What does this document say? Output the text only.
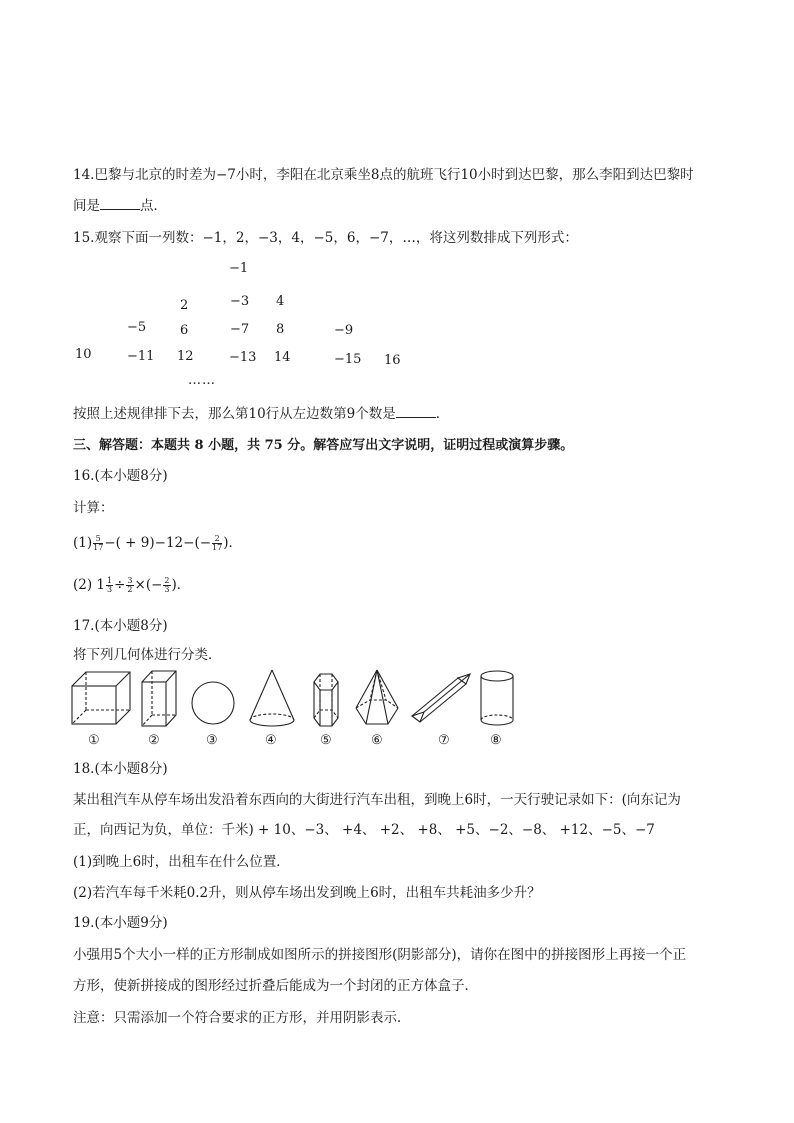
14.巴黎与北京的时差为−7小时，李阳在北京乘坐8点的航班飞行10小时到达巴黎，那么李阳到达巴黎时
间是	点．
15.观察下面一列数：−1，2，−3，4，−5，6，−7，…，将这列数排成下列形式：
−1
2	−3 4
−5	6	−7 8	−9
10	−11 12	−13 14	−15 16
……
按照上述规律排下去，那么第10行从左边数第9个数是	．
三、解答题：本题共 8 小题，共 75 分。解答应写出文字说明，证明过程或演算步骤。
16.(本小题8分)
计算：
$(1) \frac{5}{17}$ −( + $9)-12-(- \frac{2}{17}$ )．
(2) $1 \frac{1}{3} \div \frac{3}{2}$ ×(− $\frac{2}{3}$ )．
17.(本小题8分)
将下列几何体进行分类．
①	②	③	④	⑤	⑥	⑦	⑧
18.(本小题8分)
某出租汽车从停车场出发沿着东西向的大街进行汽车出租，到晚上6时，一天行驶记录如下：(向东记为
正，向西记为负，单位：千米) + 10、−3、 +4、 +2、 +8、 +5、−2、−8、 +12、−5、−7
(1)到晚上6时，出租车在什么位置．
(2)若汽车每千米耗0.2升，则从停车场出发到晚上6时，出租车共耗油多少升？
19.(本小题9分)
小强用5个大小一样的正方形制成如图所示的拼接图形(阴影部分)，请你在图中的拼接图形上再接一个正
方形，使新拼接成的图形经过折叠后能成为一个封闭的正方体盒子．
注意：只需添加一个符合要求的正方形，并用阴影表示．
